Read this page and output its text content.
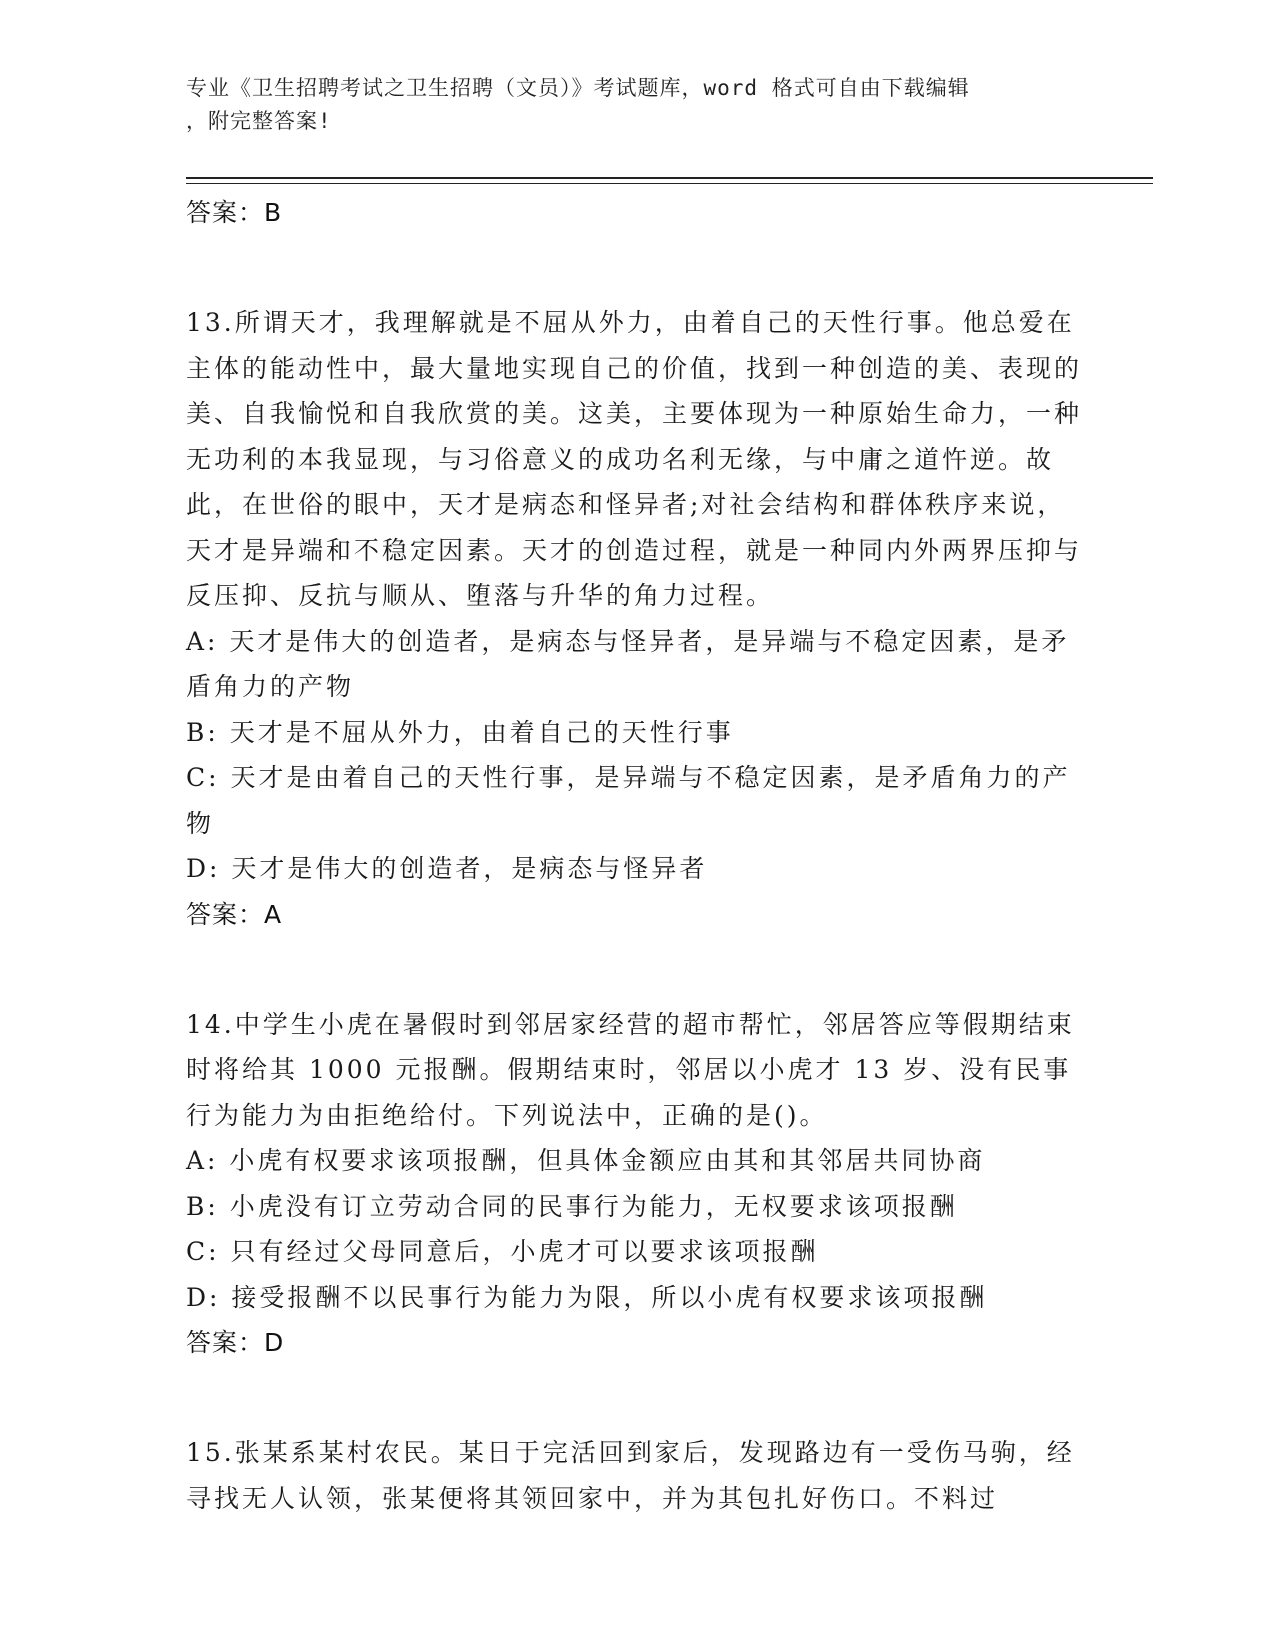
专业《卫生招聘考试之卫生招聘（文员）》考试题库，word 格式可自由下载编辑
，附完整答案!
答案：B

13.所谓天才，我理解就是不屈从外力，由着自己的天性行事。他总爱在主体的能动性中，最大量地实现自己的价值，找到一种创造的美、表现的美、自我愉悦和自我欣赏的美。这美，主要体现为一种原始生命力，一种无功利的本我显现，与习俗意义的成功名利无缘，与中庸之道忤逆。故此，在世俗的眼中，天才是病态和怪异者;对社会结构和群体秩序来说，天才是异端和不稳定因素。天才的创造过程，就是一种同内外两界压抑与反压抑、反抗与顺从、堕落与升华的角力过程。

A: 天才是伟大的创造者，是病态与怪异者，是异端与不稳定因素，是矛盾角力的产物

B: 天才是不屈从外力，由着自己的天性行事

C: 天才是由着自己的天性行事，是异端与不稳定因素，是矛盾角力的产物

D: 天才是伟大的创造者，是病态与怪异者

答案：A

14.中学生小虎在暑假时到邻居家经营的超市帮忙，邻居答应等假期结束时将给其 1000 元报酬。假期结束时，邻居以小虎才 13 岁、没有民事行为能力为由拒绝给付。下列说法中，正确的是()。

A: 小虎有权要求该项报酬，但具体金额应由其和其邻居共同协商

B: 小虎没有订立劳动合同的民事行为能力，无权要求该项报酬

C: 只有经过父母同意后，小虎才可以要求该项报酬

D: 接受报酬不以民事行为能力为限，所以小虎有权要求该项报酬

答案：D

15.张某系某村农民。某日于完活回到家后，发现路边有一受伤马驹，经寻找无人认领，张某便将其领回家中，并为其包扎好伤口。不料过
